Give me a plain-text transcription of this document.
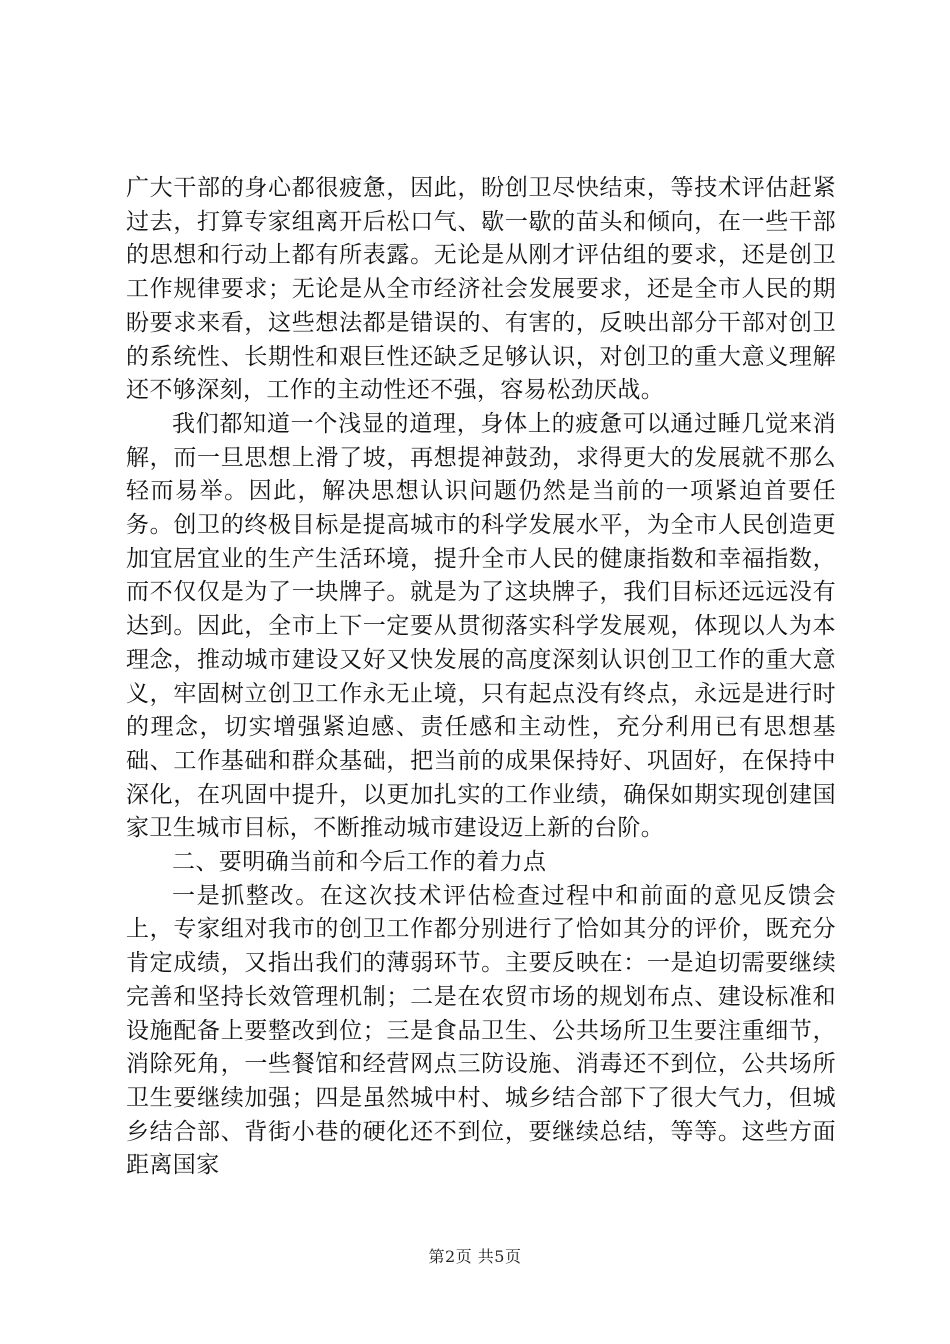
广大干部的身心都很疲惫，因此，盼创卫尽快结束，等技术评估赶紧过去，打算专家组离开后松口气、歇一歇的苗头和倾向，在一些干部的思想和行动上都有所表露。无论是从刚才评估组的要求，还是创卫工作规律要求；无论是从全市经济社会发展要求，还是全市人民的期盼要求来看，这些想法都是错误的、有害的，反映出部分干部对创卫的系统性、长期性和艰巨性还缺乏足够认识，对创卫的重大意义理解还不够深刻，工作的主动性还不强，容易松劲厌战。

我们都知道一个浅显的道理，身体上的疲惫可以通过睡几觉来消解，而一旦思想上滑了坡，再想提神鼓劲，求得更大的发展就不那么轻而易举。因此，解决思想认识问题仍然是当前的一项紧迫首要任务。创卫的终极目标是提高城市的科学发展水平，为全市人民创造更加宜居宜业的生产生活环境，提升全市人民的健康指数和幸福指数，而不仅仅是为了一块牌子。就是为了这块牌子，我们目标还远远没有达到。因此，全市上下一定要从贯彻落实科学发展观，体现以人为本理念，推动城市建设又好又快发展的高度深刻认识创卫工作的重大意义，牢固树立创卫工作永无止境，只有起点没有终点，永远是进行时的理念，切实增强紧迫感、责任感和主动性，充分利用已有思想基础、工作基础和群众基础，把当前的成果保持好、巩固好，在保持中深化，在巩固中提升，以更加扎实的工作业绩，确保如期实现创建国家卫生城市目标，不断推动城市建设迈上新的台阶。

二、要明确当前和今后工作的着力点

一是抓整改。在这次技术评估检查过程中和前面的意见反馈会上，专家组对我市的创卫工作都分别进行了恰如其分的评价，既充分肯定成绩，又指出我们的薄弱环节。主要反映在：一是迫切需要继续完善和坚持长效管理机制；二是在农贸市场的规划布点、建设标准和设施配备上要整改到位；三是食品卫生、公共场所卫生要注重细节，消除死角，一些餐馆和经营网点三防设施、消毒还不到位，公共场所卫生要继续加强；四是虽然城中村、城乡结合部下了很大气力，但城乡结合部、背街小巷的硬化还不到位，要继续总结，等等。这些方面距离国家

第2页 共5页
